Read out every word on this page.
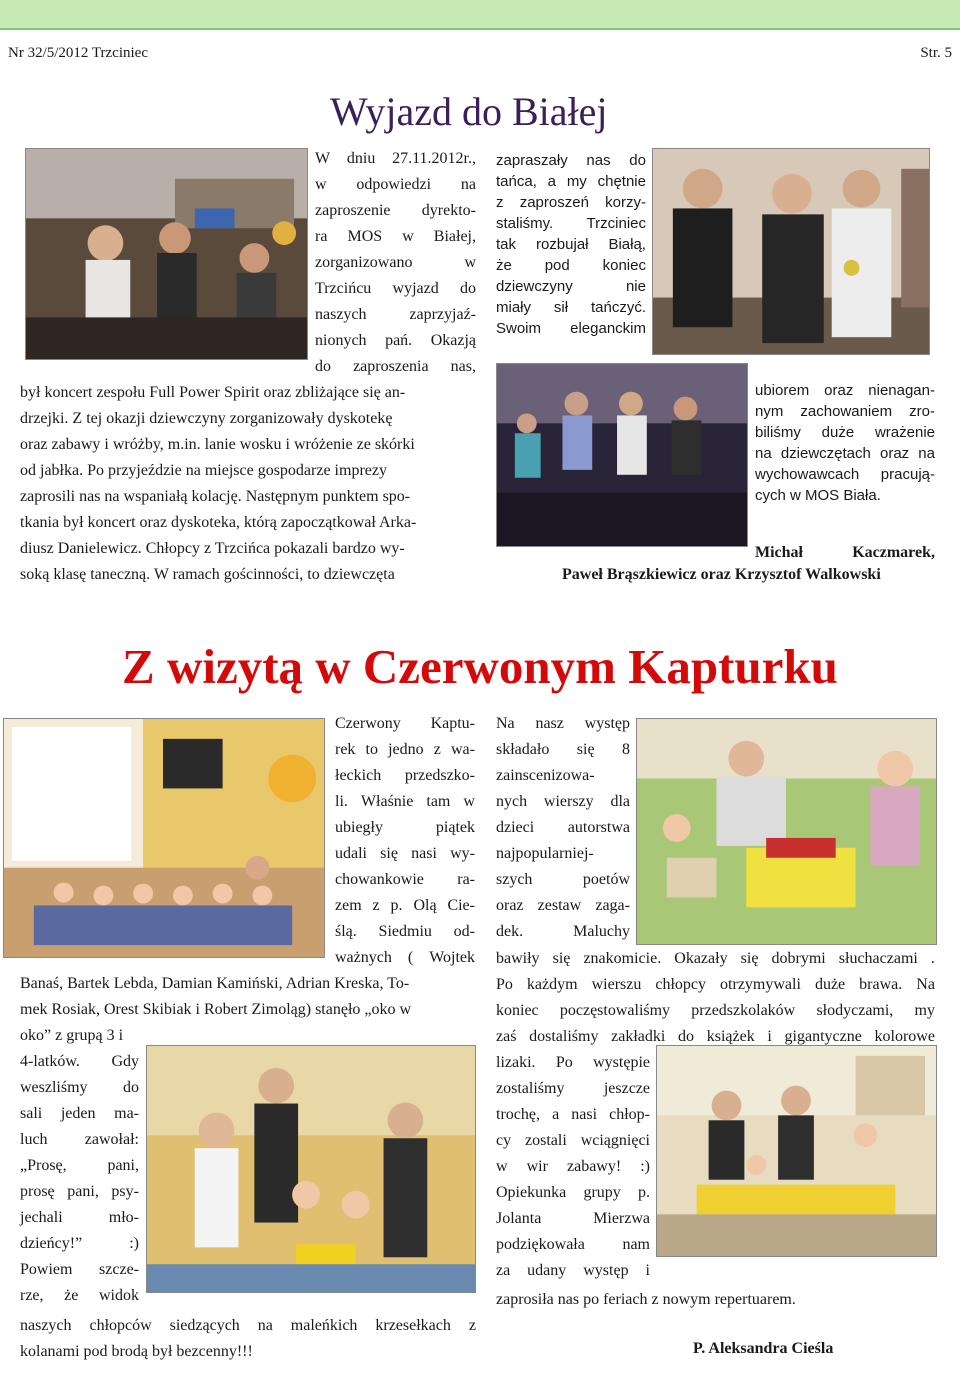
Nr 32/5/2012 Trzciniec	Str. 5
Wyjazd do Białej
W dniu 27.11.2012r.,
w odpowiedzi na
zaproszenie dyrekto-
ra MOS w Białej,
zorganizowano	w
Trzcińcu wyjazd do
naszych	zaprzyjaź-
nionych pań. Okazją
do zaproszenia nas,
był koncert zespołu Full Power Spirit oraz zbliżające się an-
drzejki. Z tej okazji dziewczyny zorganizowały dyskotekę
oraz zabawy i wróżby, m.in. lanie wosku i wróżenie ze skórki
od jabłka. Po przyjeździe na miejsce gospodarze imprezy
zaprosili nas na wspaniałą kolację. Następnym punktem spo-
tkania był koncert oraz dyskoteka, którą zapoczątkował Arka-
diusz Danielewicz. Chłopcy z Trzcińca pokazali bardzo wy-
soką klasę taneczną. W ramach gościnności, to dziewczęta
zapraszały nas do
tańca, a my chętnie
z zaproszeń korzy-
staliśmy. Trzciniec
tak rozbujał Białą,
że pod koniec
dziewczyny	nie
miały sił tańczyć.
Swoim eleganckim
ubiorem oraz nienagan-
nym zachowaniem zro-
biliśmy duże wrażenie
na dziewczętach oraz na
wychowawcach pracują-
cych w MOS Biała.
Michał	Kaczmarek,
Paweł Brąszkiewicz oraz Krzysztof Walkowski
Z wizytą w Czerwonym Kapturku
Czerwony Kaptu-
rek to jedno z wa-
łeckich przedszko-
li. Właśnie tam w
ubiegły	piątek
udali się nasi wy-
chowankowie ra-
zem z p. Olą Cie-
ślą. Siedmiu od-
ważnych ( Wojtek
Banaś, Bartek Lebda, Damian Kamiński, Adrian Kreska, To-
mek Rosiak, Orest Skibiak i Robert Zimoląg) stanęło „oko w
oko” z grupą 3 i
4-latków. Gdy
weszliśmy do
sali jeden ma-
luch zawołał:
„Prosę,	pani,
prosę pani, psy-
jechali	mło-
dzieńcy!”	:)
Powiem szcze-
rze, że widok
naszych chłopców siedzących na maleńkich krzesełkach z
kolanami pod brodą był bezcenny!!!
Na nasz występ
składało się 8
zainscenizowa-
nych wierszy dla
dzieci autorstwa
najpopularniej-
szych	poetów
oraz zestaw zaga-
dek.	Maluchy
bawiły się znakomicie. Okazały się dobrymi słuchaczami .
Po każdym wierszu chłopcy otrzymywali duże brawa. Na
koniec poczęstowaliśmy przedszkolaków słodyczami, my
zaś dostaliśmy zakładki do książek i gigantyczne kolorowe
lizaki. Po występie
zostaliśmy jeszcze
trochę, a nasi chłop-
cy zostali wciągnięci
w wir zabawy! :)
Opiekunka grupy p.
Jolanta	Mierzwa
podziękowała nam
za udany występ i
zaprosiła nas po feriach z nowym repertuarem.
P. Aleksandra Cieśla
